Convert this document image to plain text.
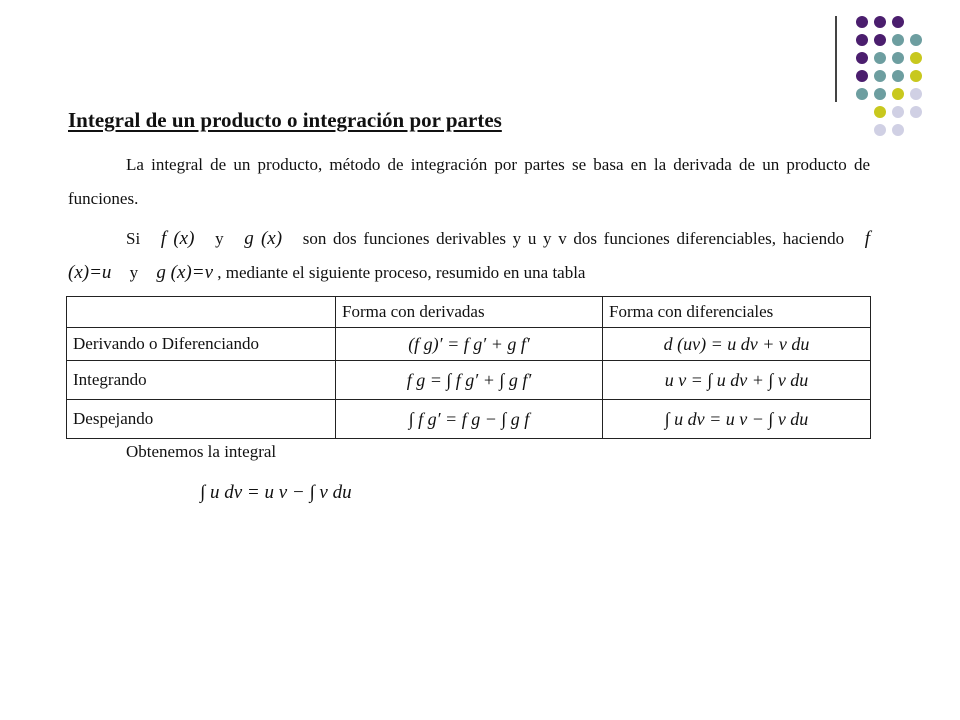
Integral de un producto o integración por partes
La integral de un producto, método de integración por partes se basa en la derivada de un producto de funciones.
Si f (x) y g (x) son dos funciones derivables y u y v dos funciones diferenciables, haciendo f (x)=u y g (x)=v , mediante el siguiente proceso, resumido en una tabla
	Forma con derivadas	Forma con diferenciales
Derivando o Diferenciando	(f g)′ = f g′ + g f′	d (uv) = u dv + v du
Integrando	f g = ∫ f g′ + ∫ g f′	u v = ∫ u dv + ∫ v du
Despejando	∫ f g′ = f g − ∫ g f	∫ u dv = u v − ∫ v du
Obtenemos la integral
∫ u dv = u v − ∫ v du
